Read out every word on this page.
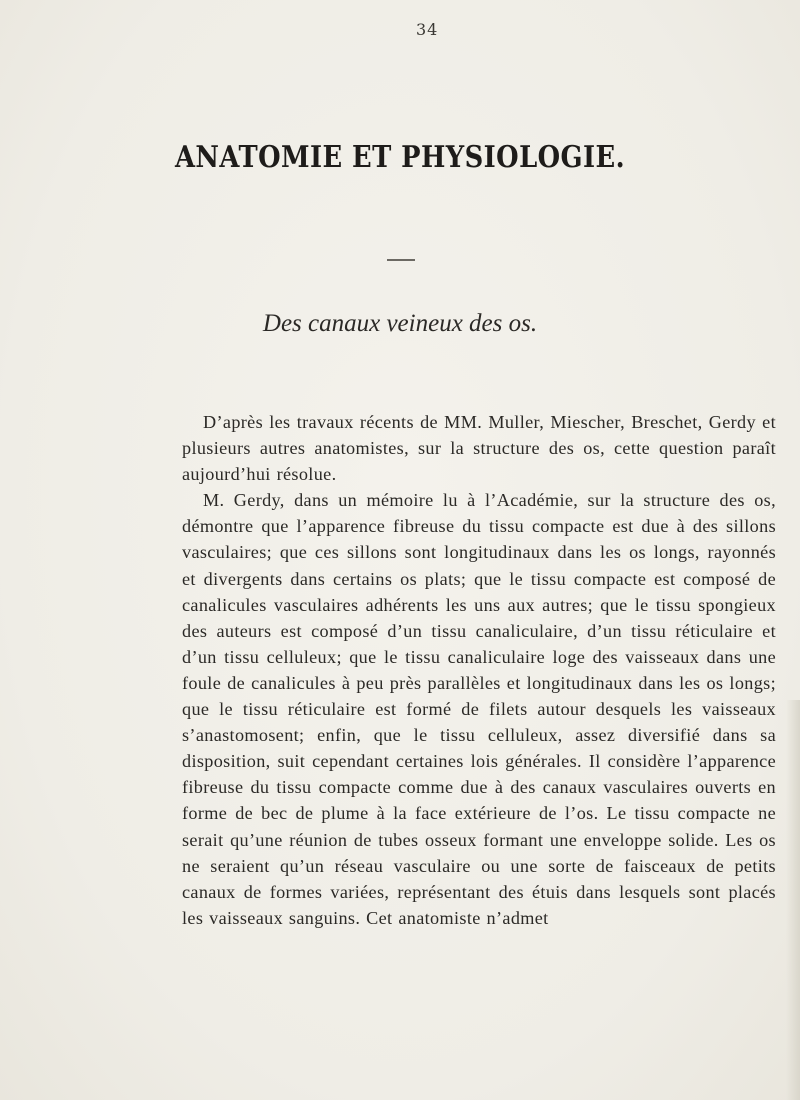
34
ANATOMIE ET PHYSIOLOGIE.
Des canaux veineux des os.

D’après les travaux récents de MM. Muller, Miescher, Breschet, Gerdy et plusieurs autres anatomistes, sur la structure des os, cette question paraît aujourd’hui résolue.

M. Gerdy, dans un mémoire lu à l’Académie, sur la structure des os, démontre que l’apparence fibreuse du tissu compacte est due à des sillons vasculaires; que ces sillons sont longitudinaux dans les os longs, rayonnés et divergents dans certains os plats; que le tissu compacte est composé de canalicules vasculaires adhérents les uns aux autres; que le tissu spongieux des auteurs est composé d’un tissu canaliculaire, d’un tissu réticulaire et d’un tissu celluleux; que le tissu canaliculaire loge des vaisseaux dans une foule de canalicules à peu près parallèles et longitudinaux dans les os longs; que le tissu réticulaire est formé de filets autour desquels les vaisseaux s’anastomosent; enfin, que le tissu celluleux, assez diversifié dans sa disposition, suit cependant certaines lois générales. Il considère l’apparence fibreuse du tissu compacte comme due à des canaux vasculaires ouverts en forme de bec de plume à la face extérieure de l’os. Le tissu compacte ne serait qu’une réunion de tubes osseux formant une enveloppe solide. Les os ne seraient qu’un réseau vasculaire ou une sorte de faisceaux de petits canaux de formes variées, représentant des étuis dans lesquels sont placés les vaisseaux sanguins. Cet anatomiste n’admet
